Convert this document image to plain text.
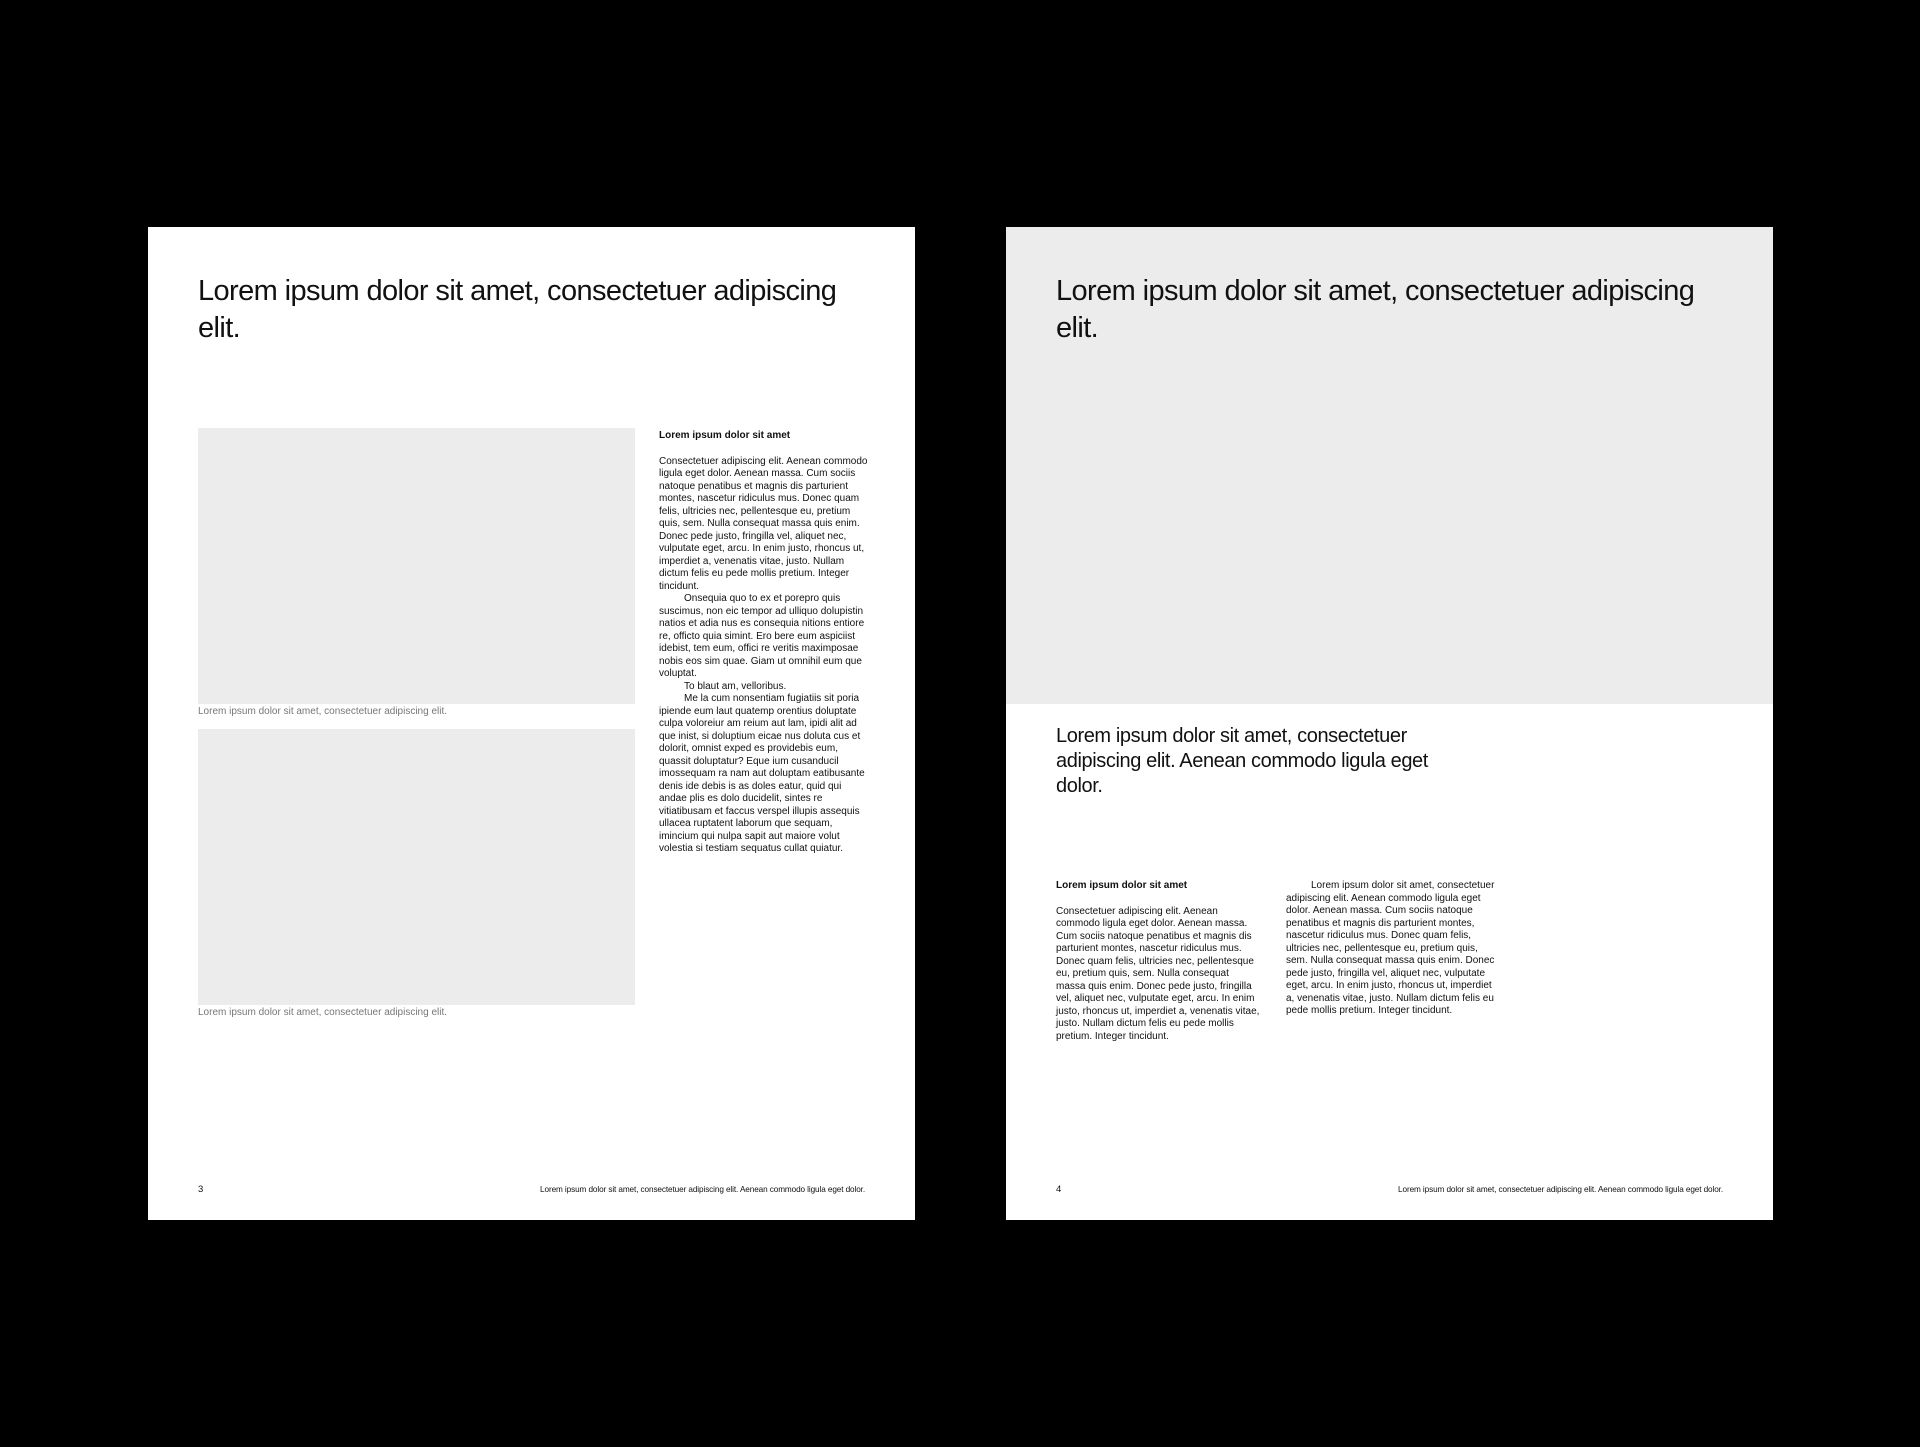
Lorem ipsum dolor sit amet, consectetuer adipiscing elit.
Lorem ipsum dolor sit amet, consectetuer adipiscing elit.
Lorem ipsum dolor sit amet, consectetuer adipiscing elit.
Lorem ipsum dolor sit amet

Consectetuer adipiscing elit. Aenean commodo ligula eget dolor. Aenean massa. Cum sociis natoque penatibus et magnis dis parturient montes, nascetur ridiculus mus. Donec quam felis, ultricies nec, pellentesque eu, pretium quis, sem. Nulla consequat massa quis enim. Donec pede justo, fringilla vel, aliquet nec, vulputate eget, arcu. In enim justo, rhoncus ut, imperdiet a, venenatis vitae, justo. Nullam dictum felis eu pede mollis pretium. Integer tincidunt.

Onsequia quo to ex et porepro quis suscimus, non eic tempor ad ulliquo dolupistin natios et adia nus es consequia nitions entiore re, officto quia simint. Ero bere eum aspiciist idebist, tem eum, offici re veritis maximposae nobis eos sim quae. Giam ut omnihil eum que voluptat.

To blaut am, velloribus.

Me la cum nonsentiam fugiatiis sit poria ipiende eum laut quatemp orentius doluptate culpa voloreiur am reium aut lam, ipidi alit ad que inist, si doluptium eicae nus doluta cus et dolorit, omnist exped es providebis eum, quassit doluptatur? Eque ium cusanducil imossequam ra nam aut doluptam eatibusante denis ide debis is as doles eatur, quid qui andae plis es dolo ducidelit, sintes re vitiatibusam et faccus verspel illupis assequis ullacea ruptatent laborum que sequam, imincium qui nulpa sapit aut maiore volut volestia si testiam sequatus cullat quiatur.

3	Lorem ipsum dolor sit amet, consectetuer adipiscing elit. Aenean commodo ligula eget dolor.
Lorem ipsum dolor sit amet, consectetuer adipiscing elit.

Lorem ipsum dolor sit amet, consectetuer adipiscing elit. Aenean commodo ligula eget dolor.

Lorem ipsum dolor sit amet

Consectetuer adipiscing elit. Aenean commodo ligula eget dolor. Aenean massa. Cum sociis natoque penatibus et magnis dis parturient montes, nascetur ridiculus mus. Donec quam felis, ultricies nec, pellentesque eu, pretium quis, sem. Nulla consequat massa quis enim. Donec pede justo, fringilla vel, aliquet nec, vulputate eget, arcu. In enim justo, rhoncus ut, imperdiet a, venenatis vitae, justo. Nullam dictum felis eu pede mollis pretium. Integer tincidunt.

Lorem ipsum dolor sit amet, consectetuer adipiscing elit. Aenean commodo ligula eget dolor. Aenean massa. Cum sociis natoque penatibus et magnis dis parturient montes, nascetur ridiculus mus. Donec quam felis, ultricies nec, pellentesque eu, pretium quis, sem. Nulla consequat massa quis enim. Donec pede justo, fringilla vel, aliquet nec, vulputate eget, arcu. In enim justo, rhoncus ut, imperdiet a, venenatis vitae, justo. Nullam dictum felis eu pede mollis pretium. Integer tincidunt.

4	Lorem ipsum dolor sit amet, consectetuer adipiscing elit. Aenean commodo ligula eget dolor.
